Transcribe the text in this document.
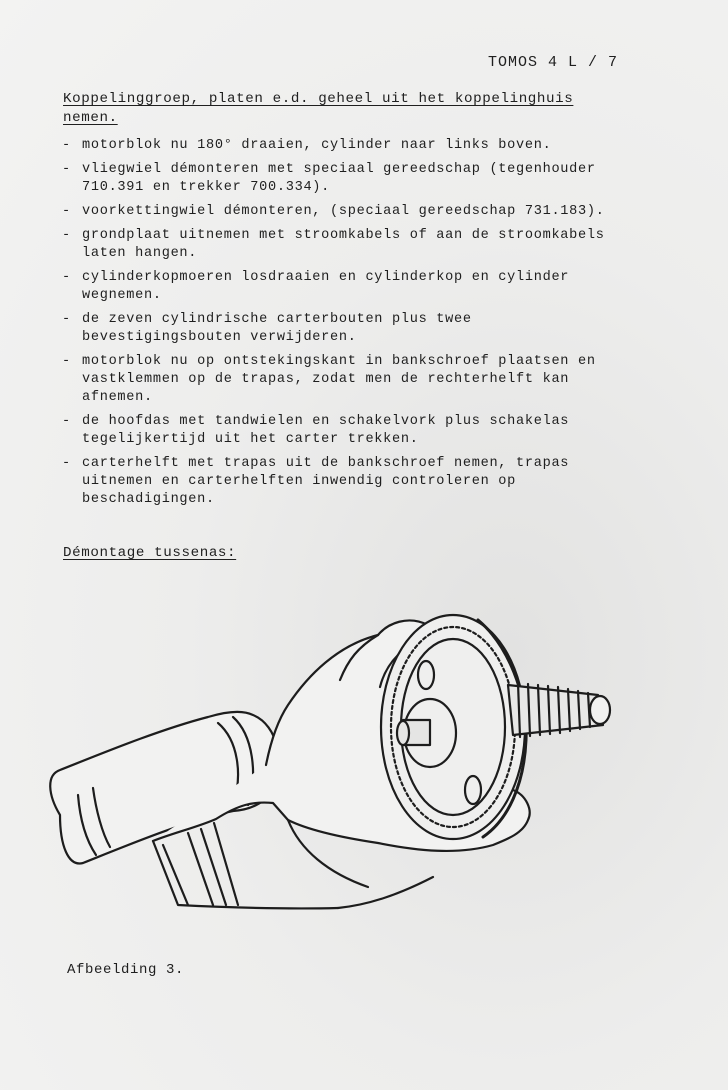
TOMOS 4 L / 7
Koppelinggroep, platen e.d. geheel uit het koppelinghuis nemen.
- motorblok nu 180° draaien, cylinder naar links boven.
- vliegwiel démonteren met speciaal gereedschap (tegenhouder 710.391 en trekker 700.334).
- voorkettingwiel démonteren, (speciaal gereedschap 731.183).
- grondplaat uitnemen met stroomkabels of aan de stroomkabels laten hangen.
- cylinderkopmoeren losdraaien en cylinderkop en cylinder wegnemen.
- de zeven cylindrische carterbouten plus twee bevestigingsbouten verwijderen.
- motorblok nu op ontstekingskant in bankschroef plaatsen en vastklemmen op de trapas, zodat men de rechterhelft kan afnemen.
- de hoofdas met tandwielen en schakelvork plus schakelas tegelijkertijd uit het carter trekken.
- carterhelft met trapas uit de bankschroef nemen, trapas uitnemen en carterhelften inwendig controleren op beschadigingen.
Démontage tussenas:
Afbeelding 3.
